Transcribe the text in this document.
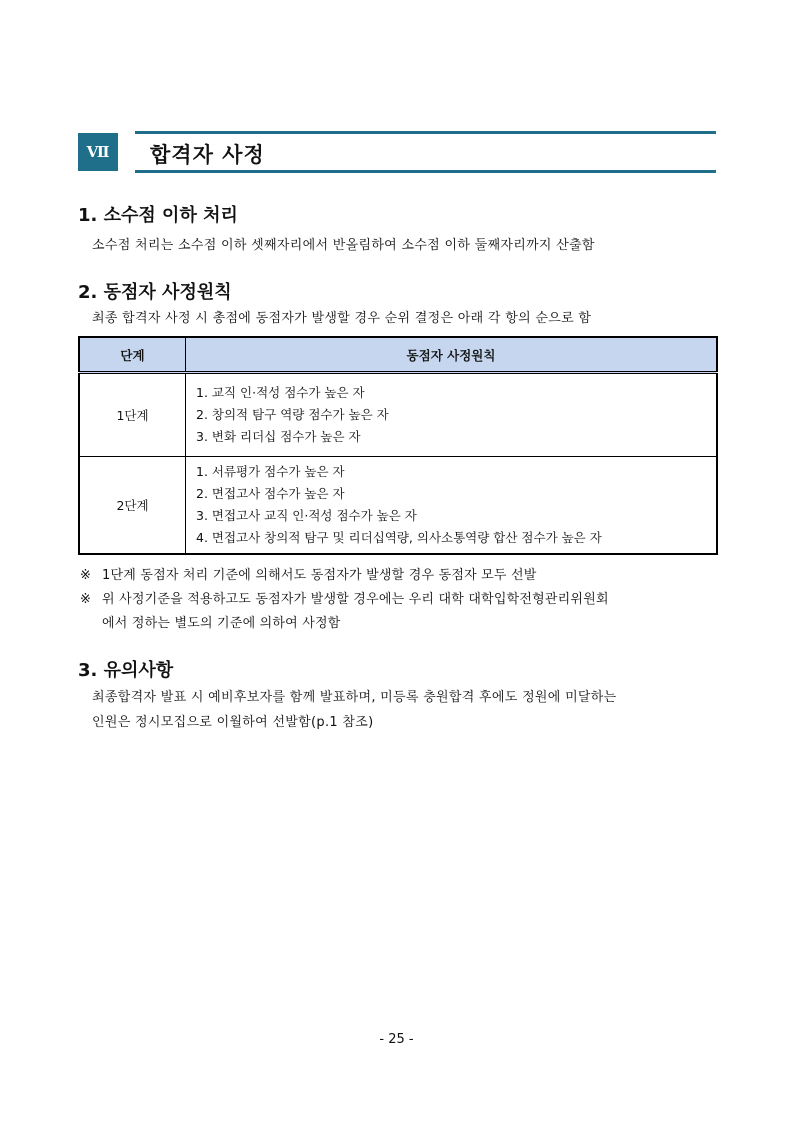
Ⅶ	합격자 사정
1. 소수점 이하 처리
소수점 처리는 소수점 이하 셋째자리에서 반올림하여 소수점 이하 둘째자리까지 산출함
2. 동점자 사정원칙
최종 합격자 사정 시 총점에 동점자가 발생할 경우 순위 결정은 아래 각 항의 순으로 함
단계	동점자 사정원칙
1단계	1. 교직 인·적성 점수가 높은 자
2. 창의적 탐구 역량 점수가 높은 자
3. 변화 리더십 점수가 높은 자

2단계	1. 서류평가 점수가 높은 자
2. 면접고사 점수가 높은 자
3. 면접고사 교직 인·적성 점수가 높은 자
4. 면접고사 창의적 탐구 및 리더십역량, 의사소통역량 합산 점수가 높은 자
※ 1단계 동점자 처리 기준에 의해서도 동점자가 발생할 경우 동점자 모두 선발
※ 위 사정기준을 적용하고도 동점자가 발생할 경우에는 우리 대학 대학입학전형관리위원회
에서 정하는 별도의 기준에 의하여 사정함
3. 유의사항
최종합격자 발표 시 예비후보자를 함께 발표하며, 미등록 충원합격 후에도 정원에 미달하는
인원은 정시모집으로 이월하여 선발함(p.1 참조)
- 25 -
